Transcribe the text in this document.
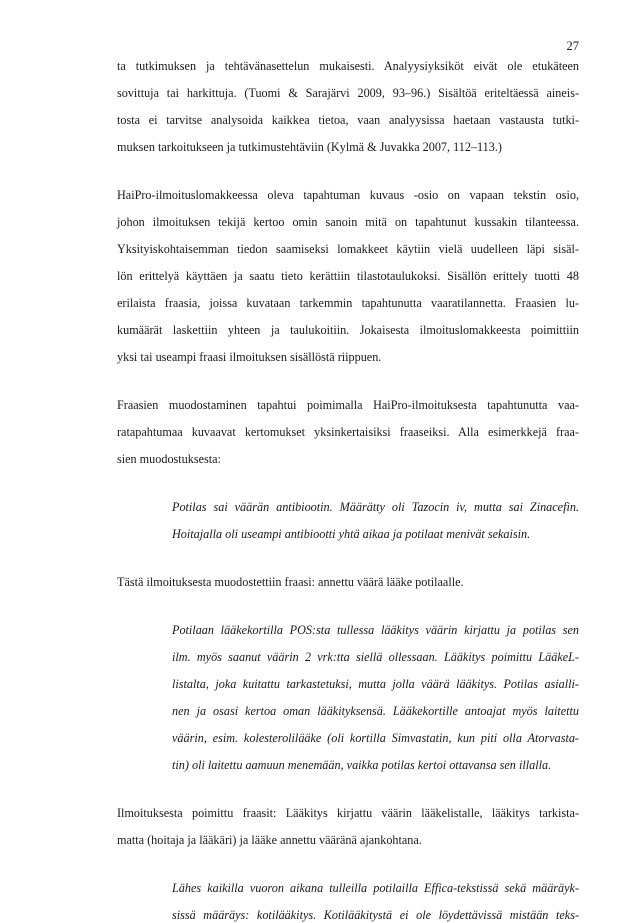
27
ta tutkimuksen ja tehtävänasettelun mukaisesti. Analyysiyksiköt eivät ole etukäteen
sovittuja tai harkittuja. (Tuomi & Sarajärvi 2009, 93–96.) Sisältöä eriteltäessä aineis-
tosta ei tarvitse analysoida kaikkea tietoa, vaan analyysissa haetaan vastausta tutki-
muksen tarkoitukseen ja tutkimustehtäviin (Kylmä & Juvakka 2007, 112–113.)
HaiPro-ilmoituslomakkeessa oleva tapahtuman kuvaus -osio on vapaan tekstin osio,
johon ilmoituksen tekijä kertoo omin sanoin mitä on tapahtunut kussakin tilanteessa.
Yksityiskohtaisemman tiedon saamiseksi lomakkeet käytiin vielä uudelleen läpi sisäl-
lön erittelyä käyttäen ja saatu tieto kerättiin tilastotaulukoksi. Sisällön erittely tuotti 48
erilaista fraasia, joissa kuvataan tarkemmin tapahtunutta vaaratilannetta. Fraasien lu-
kumäärät laskettiin yhteen ja taulukoitiin. Jokaisesta ilmoituslomakkeesta poimittiin
yksi tai useampi fraasi ilmoituksen sisällöstä riippuen.
Fraasien muodostaminen tapahtui poimimalla HaiPro-ilmoituksesta tapahtunutta vaa-
ratapahtumaa kuvaavat kertomukset yksinkertaisiksi fraaseiksi. Alla esimerkkejä fraa-
sien muodostuksesta:
Potilas sai väärän antibiootin. Määrätty oli Tazocin iv, mutta sai Zinacefin.
Hoitajalla oli useampi antibiootti yhtä aikaa ja potilaat menivät sekaisin.
Tästä ilmoituksesta muodostettiin fraasi: annettu väärä lääke potilaalle.
Potilaan lääkekortilla POS:sta tullessa lääkitys väärin kirjattu ja potilas sen
ilm. myös saanut väärin 2 vrk:tta siellä ollessaan. Lääkitys poimittu LääkeL-
listalta, joka kuitattu tarkastetuksi, mutta jolla väärä lääkitys. Potilas asialli-
nen ja osasi kertoa oman lääkityksensä. Lääkekortille antoajat myös laitettu
väärin, esim. kolesterolilääke (oli kortilla Simvastatin, kun piti olla Atorvasta-
tin) oli laitettu aamuun menemään, vaikka potilas kertoi ottavansa sen illalla.
Ilmoituksesta poimittu fraasit: Lääkitys kirjattu väärin lääkelistalle, lääkitys tarkista-
matta (hoitaja ja lääkäri) ja lääke annettu vääränä ajankohtana.
Lähes kaikilla vuoron aikana tulleilla potilailla Effica-tekstissä sekä määräyk-
sissä määräys: kotilääkitys. Kotilääkitystä ei ole löydettävissä mistään teks-
